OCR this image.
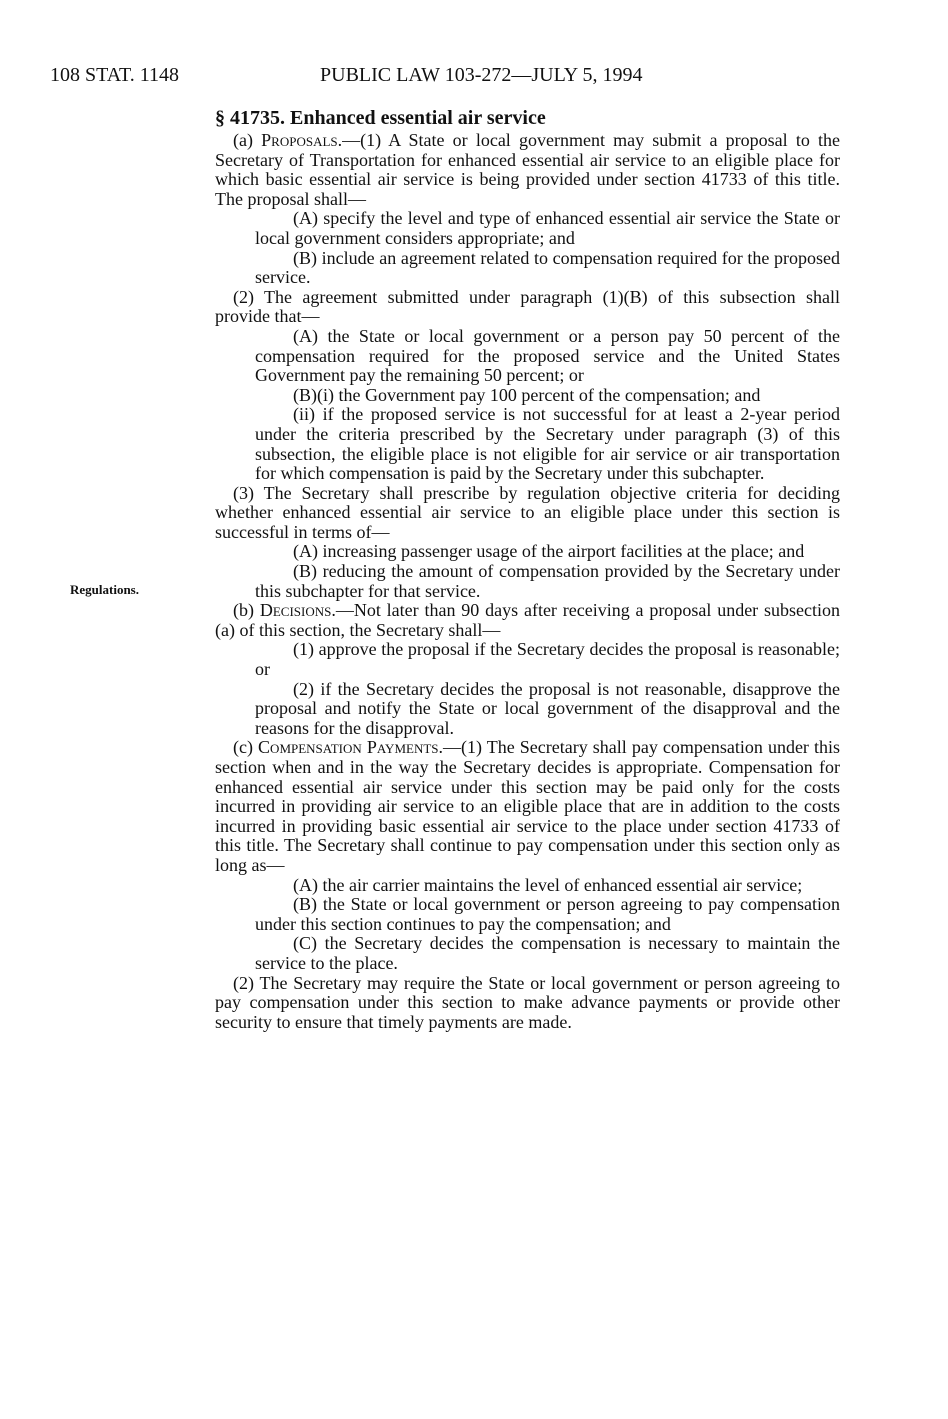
108 STAT. 1148	PUBLIC LAW 103-272—JULY 5, 1994
Regulations.
§ 41735. Enhanced essential air service

(a) Proposals.—(1) A State or local government may submit a proposal to the Secretary of Transportation for enhanced essential air service to an eligible place for which basic essential air service is being provided under section 41733 of this title. The proposal shall—

(A) specify the level and type of enhanced essential air service the State or local government considers appropriate; and

(B) include an agreement related to compensation required for the proposed service.

(2) The agreement submitted under paragraph (1)(B) of this subsection shall provide that—

(A) the State or local government or a person pay 50 percent of the compensation required for the proposed service and the United States Government pay the remaining 50 percent; or

(B)(i) the Government pay 100 percent of the compensation; and

(ii) if the proposed service is not successful for at least a 2-year period under the criteria prescribed by the Secretary under paragraph (3) of this subsection, the eligible place is not eligible for air service or air transportation for which compensation is paid by the Secretary under this subchapter.

(3) The Secretary shall prescribe by regulation objective criteria for deciding whether enhanced essential air service to an eligible place under this section is successful in terms of—

(A) increasing passenger usage of the airport facilities at the place; and

(B) reducing the amount of compensation provided by the Secretary under this subchapter for that service.

(b) Decisions.—Not later than 90 days after receiving a proposal under subsection (a) of this section, the Secretary shall—

(1) approve the proposal if the Secretary decides the proposal is reasonable; or

(2) if the Secretary decides the proposal is not reasonable, disapprove the proposal and notify the State or local government of the disapproval and the reasons for the disapproval.

(c) Compensation Payments.—(1) The Secretary shall pay compensation under this section when and in the way the Secretary decides is appropriate. Compensation for enhanced essential air service under this section may be paid only for the costs incurred in providing air service to an eligible place that are in addition to the costs incurred in providing basic essential air service to the place under section 41733 of this title. The Secretary shall continue to pay compensation under this section only as long as—

(A) the air carrier maintains the level of enhanced essential air service;

(B) the State or local government or person agreeing to pay compensation under this section continues to pay the compensation; and

(C) the Secretary decides the compensation is necessary to maintain the service to the place.

(2) The Secretary may require the State or local government or person agreeing to pay compensation under this section to make advance payments or provide other security to ensure that timely payments are made.
